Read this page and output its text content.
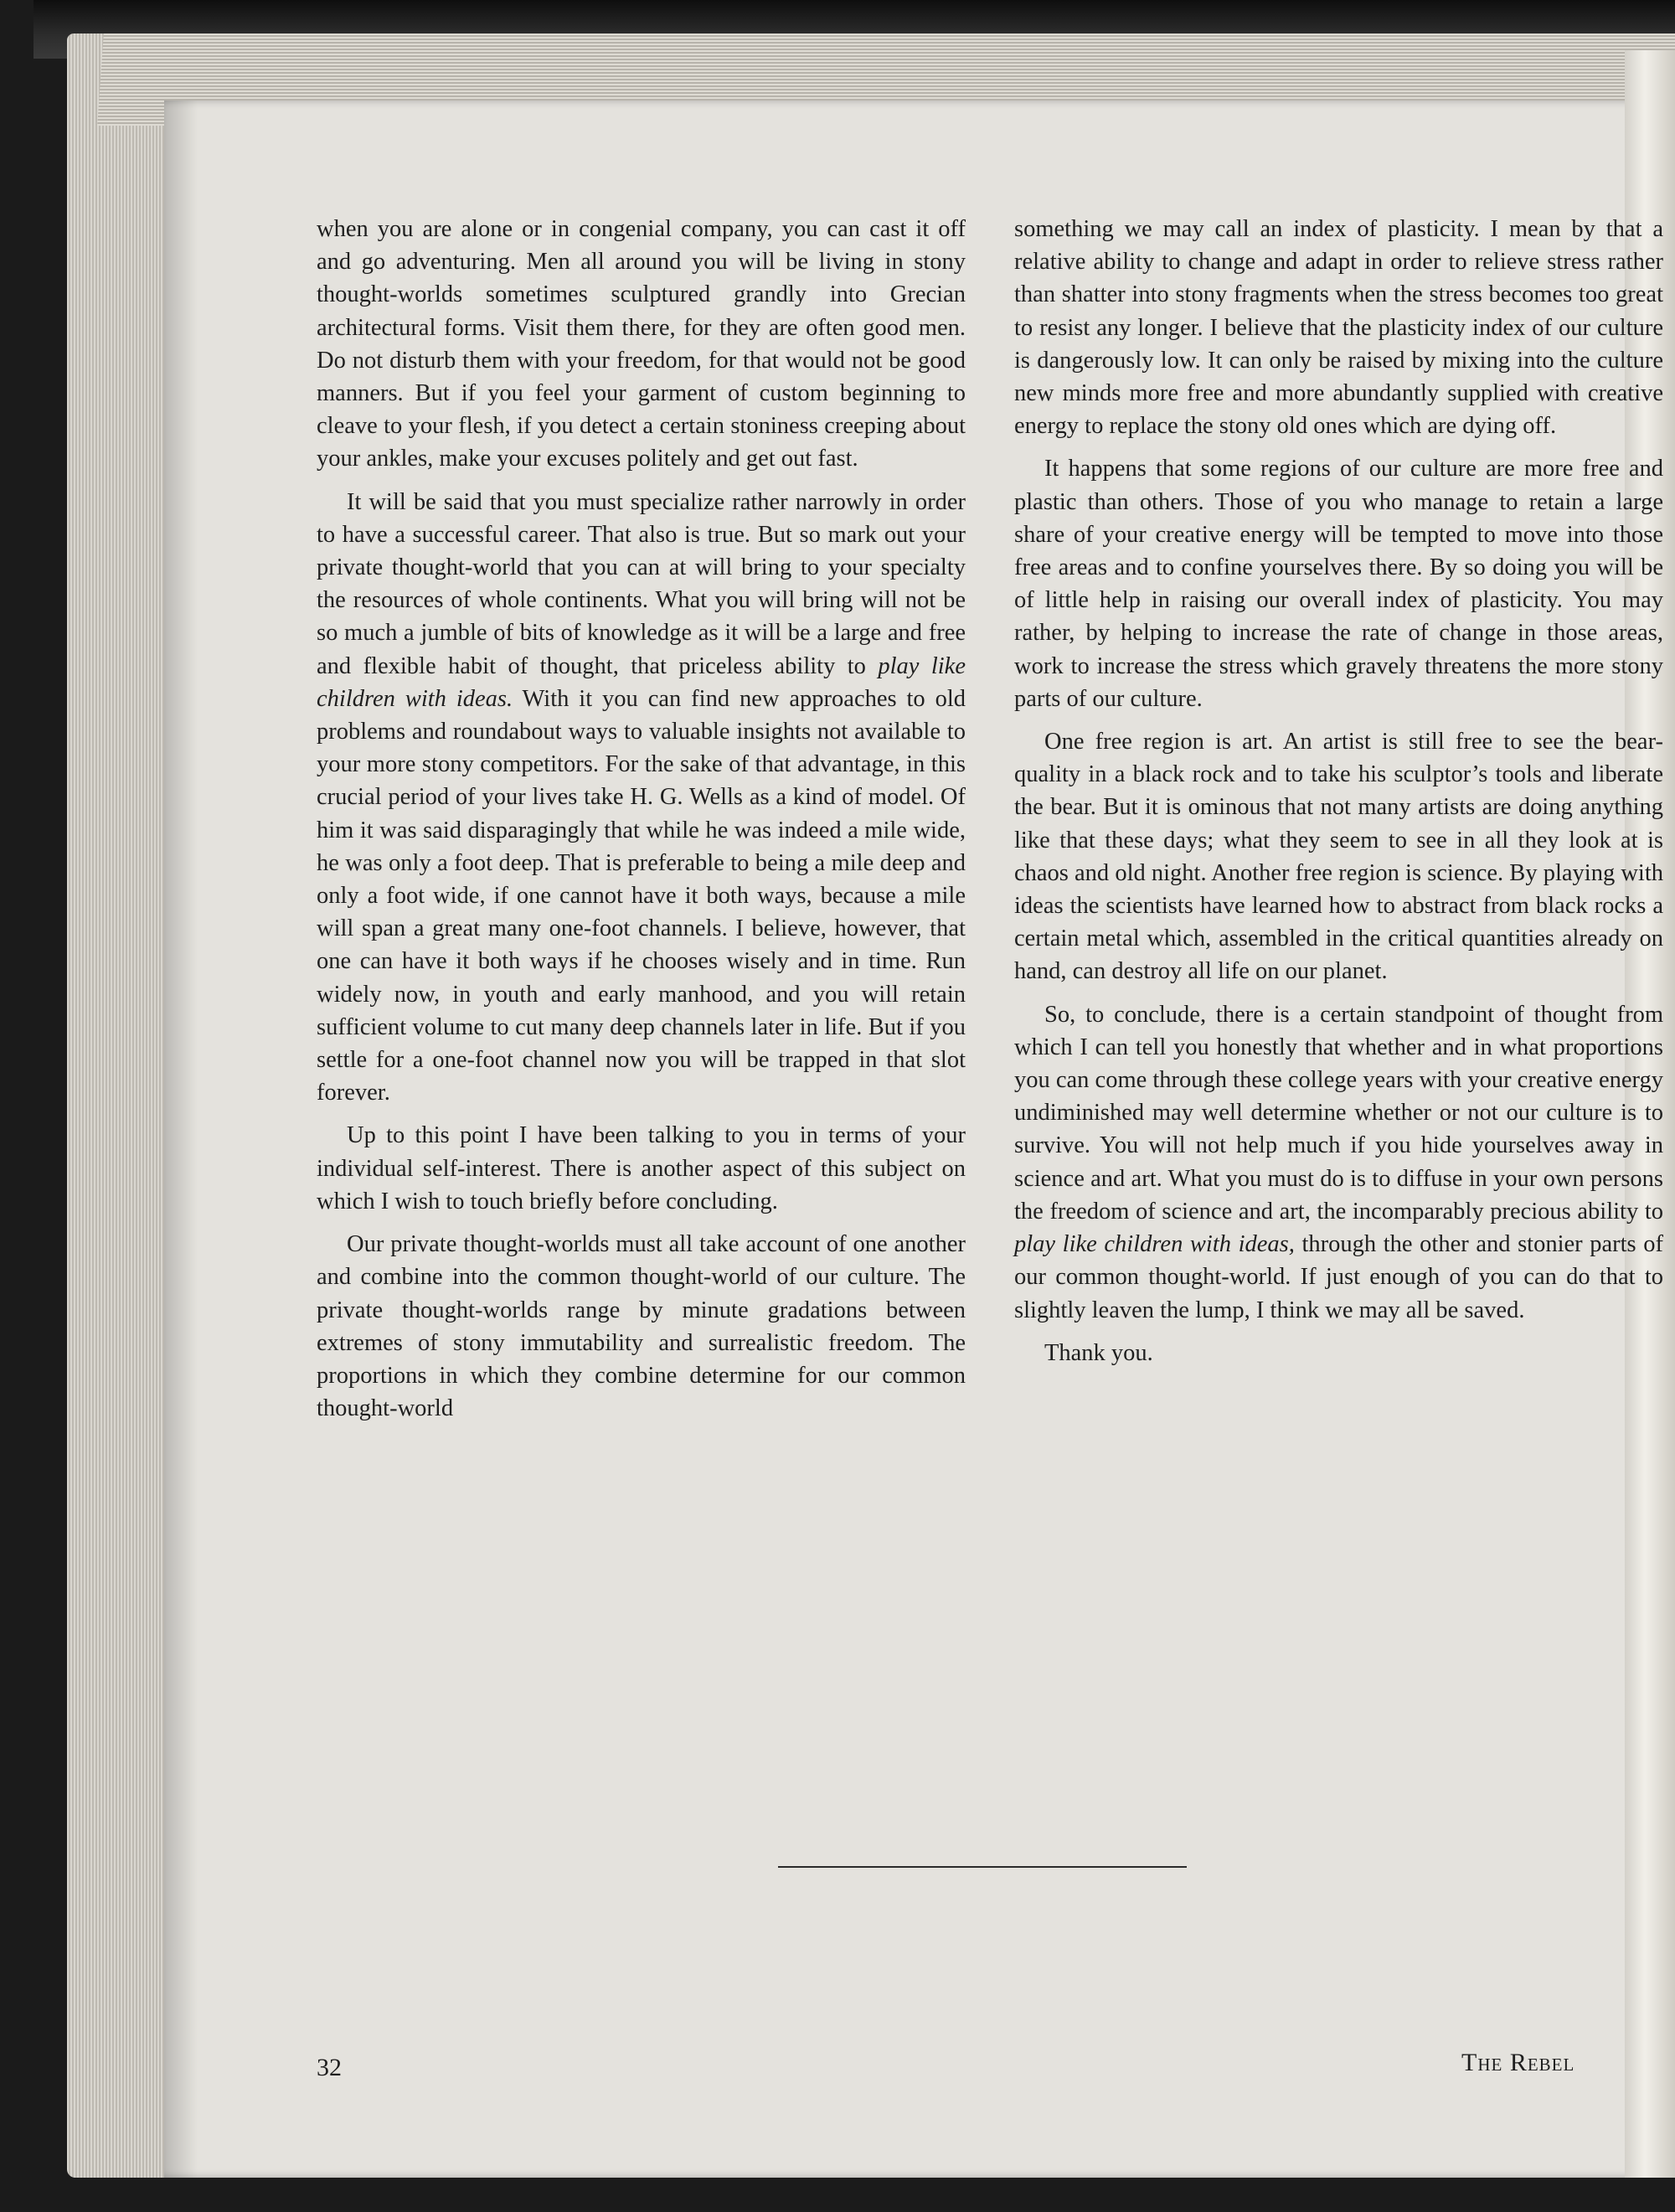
when you are alone or in congenial company, you can cast it off and go adventuring. Men all around you will be living in stony thought-worlds sometimes sculptured grandly into Grecian architectural forms. Visit them there, for they are often good men. Do not disturb them with your freedom, for that would not be good manners. But if you feel your garment of custom beginning to cleave to your flesh, if you detect a certain stoniness creeping about your ankles, make your excuses politely and get out fast.

It will be said that you must specialize rather narrowly in order to have a successful career. That also is true. But so mark out your private thought-world that you can at will bring to your specialty the resources of whole continents. What you will bring will not be so much a jumble of bits of knowledge as it will be a large and free and flexible habit of thought, that priceless ability to play like children with ideas. With it you can find new approaches to old problems and roundabout ways to valuable insights not available to your more stony competitors. For the sake of that advantage, in this crucial period of your lives take H. G. Wells as a kind of model. Of him it was said disparagingly that while he was indeed a mile wide, he was only a foot deep. That is preferable to being a mile deep and only a foot wide, if one cannot have it both ways, because a mile will span a great many one-foot channels. I believe, however, that one can have it both ways if he chooses wisely and in time. Run widely now, in youth and early manhood, and you will retain sufficient volume to cut many deep channels later in life. But if you settle for a one-foot channel now you will be trapped in that slot forever.

Up to this point I have been talking to you in terms of your individual self-interest. There is another aspect of this subject on which I wish to touch briefly before concluding.

Our private thought-worlds must all take account of one another and combine into the common thought-world of our culture. The private thought-worlds range by minute gradations between extremes of stony immutability and surrealistic freedom. The proportions in which they combine determine for our common thought-world

something we may call an index of plasticity. I mean by that a relative ability to change and adapt in order to relieve stress rather than shatter into stony fragments when the stress becomes too great to resist any longer. I believe that the plasticity index of our culture is dangerously low. It can only be raised by mixing into the culture new minds more free and more abundantly supplied with creative energy to replace the stony old ones which are dying off.

It happens that some regions of our culture are more free and plastic than others. Those of you who manage to retain a large share of your creative energy will be tempted to move into those free areas and to confine yourselves there. By so doing you will be of little help in raising our overall index of plasticity. You may rather, by helping to increase the rate of change in those areas, work to increase the stress which gravely threatens the more stony parts of our culture.

One free region is art. An artist is still free to see the bear-quality in a black rock and to take his sculptor’s tools and liberate the bear. But it is ominous that not many artists are doing anything like that these days; what they seem to see in all they look at is chaos and old night. Another free region is science. By playing with ideas the scientists have learned how to abstract from black rocks a certain metal which, assembled in the critical quantities already on hand, can destroy all life on our planet.

So, to conclude, there is a certain standpoint of thought from which I can tell you honestly that whether and in what proportions you can come through these college years with your creative energy undiminished may well determine whether or not our culture is to survive. You will not help much if you hide yourselves away in science and art. What you must do is to diffuse in your own persons the freedom of science and art, the incomparably precious ability to play like children with ideas, through the other and stonier parts of our common thought-world. If just enough of you can do that to slightly leaven the lump, I think we may all be saved.

Thank you.

32	The Rebel
